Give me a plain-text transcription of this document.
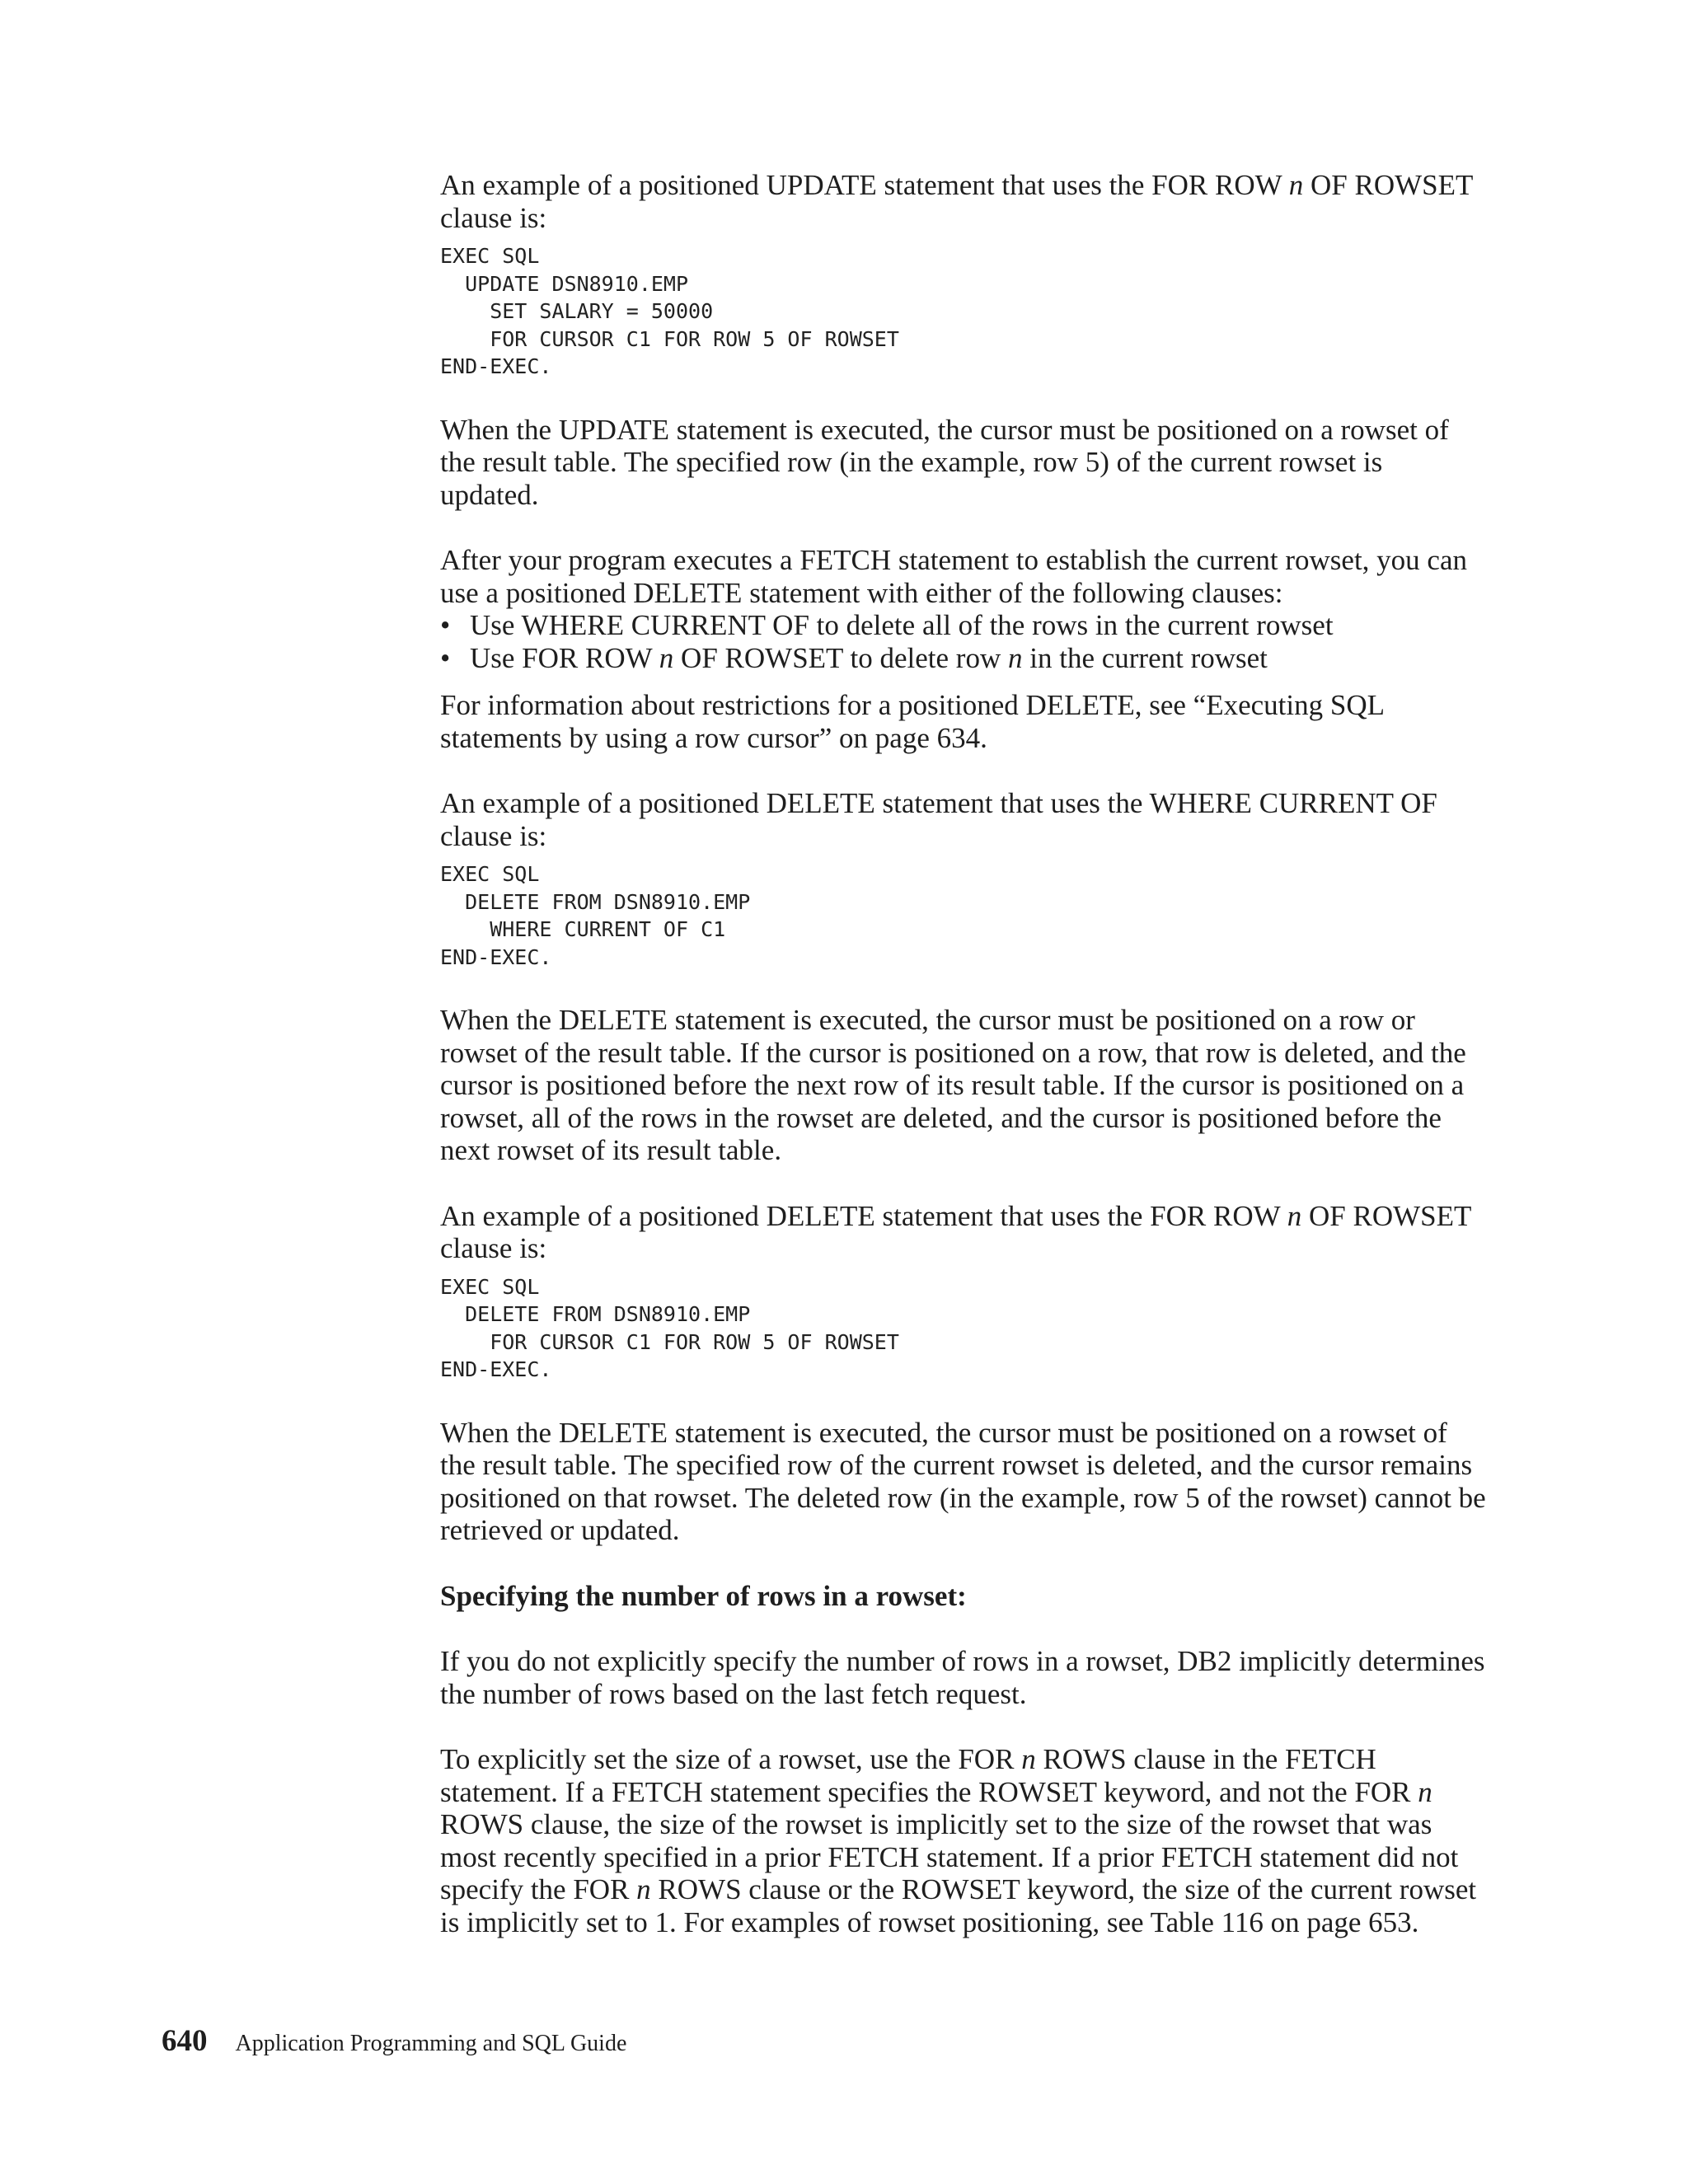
An example of a positioned UPDATE statement that uses the FOR ROW n OF ROWSET clause is:

EXEC SQL
UPDATE DSN8910.EMP
SET SALARY = 50000
FOR CURSOR C1 FOR ROW 5 OF ROWSET
END-EXEC.

When the UPDATE statement is executed, the cursor must be positioned on a rowset of the result table. The specified row (in the example, row 5) of the current rowset is updated.

After your program executes a FETCH statement to establish the current rowset, you can use a positioned DELETE statement with either of the following clauses:

• Use WHERE CURRENT OF to delete all of the rows in the current rowset
• Use FOR ROW n OF ROWSET to delete row n in the current rowset

For information about restrictions for a positioned DELETE, see “Executing SQL statements by using a row cursor” on page 634.

An example of a positioned DELETE statement that uses the WHERE CURRENT OF clause is:

EXEC SQL
DELETE FROM DSN8910.EMP
WHERE CURRENT OF C1
END-EXEC.

When the DELETE statement is executed, the cursor must be positioned on a row or rowset of the result table. If the cursor is positioned on a row, that row is deleted, and the cursor is positioned before the next row of its result table. If the cursor is positioned on a rowset, all of the rows in the rowset are deleted, and the cursor is positioned before the next rowset of its result table.

An example of a positioned DELETE statement that uses the FOR ROW n OF ROWSET clause is:

EXEC SQL
DELETE FROM DSN8910.EMP
FOR CURSOR C1 FOR ROW 5 OF ROWSET
END-EXEC.

When the DELETE statement is executed, the cursor must be positioned on a rowset of the result table. The specified row of the current rowset is deleted, and the cursor remains positioned on that rowset. The deleted row (in the example, row 5 of the rowset) cannot be retrieved or updated.

Specifying the number of rows in a rowset:

If you do not explicitly specify the number of rows in a rowset, DB2 implicitly determines the number of rows based on the last fetch request.

To explicitly set the size of a rowset, use the FOR n ROWS clause in the FETCH statement. If a FETCH statement specifies the ROWSET keyword, and not the FOR n ROWS clause, the size of the rowset is implicitly set to the size of the rowset that was most recently specified in a prior FETCH statement. If a prior FETCH statement did not specify the FOR n ROWS clause or the ROWSET keyword, the size of the current rowset is implicitly set to 1. For examples of rowset positioning, see Table 116 on page 653.

640 Application Programming and SQL Guide
